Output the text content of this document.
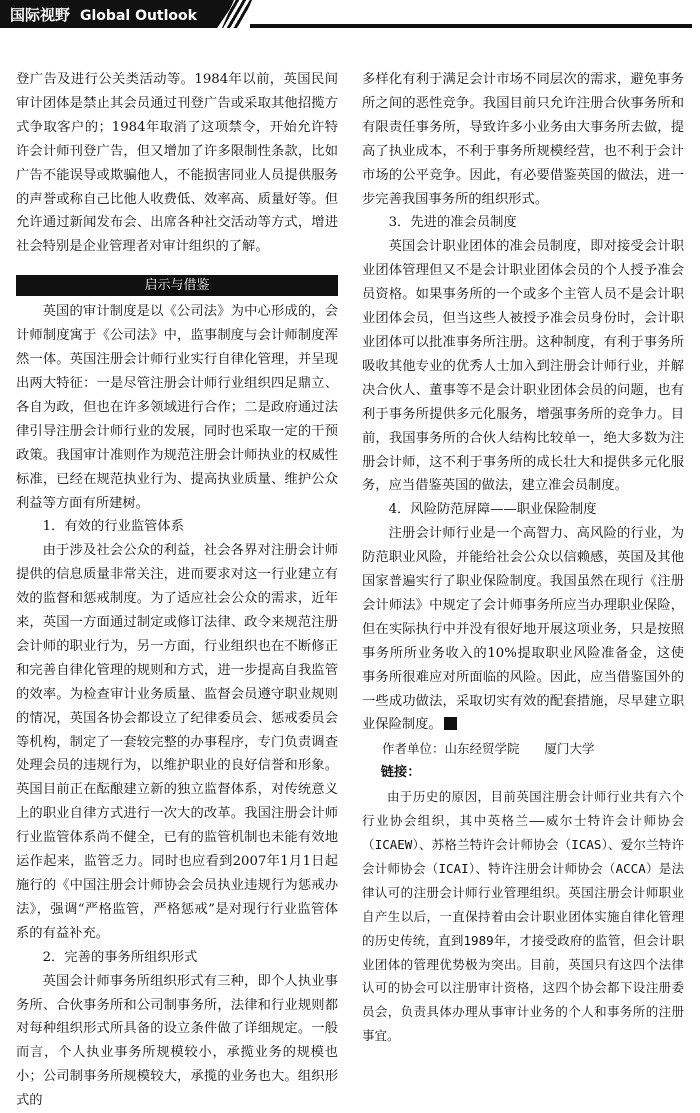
国际视野 Global Outlook

登广告及进行公关类活动等。1984年以前，英国民间审计团体是禁止其会员通过刊登广告或采取其他招揽方式争取客户的；1984年取消了这项禁令，开始允许特许会计师刊登广告，但又增加了许多限制性条款，比如广告不能误导或欺骗他人，不能损害同业人员提供服务的声誉或称自己比他人收费低、效率高、质量好等。但允许通过新闻发布会、出席各种社交活动等方式，增进社会特别是企业管理者对审计组织的了解。

启示与借鉴

英国的审计制度是以《公司法》为中心形成的，会计师制度寓于《公司法》中，监事制度与会计师制度浑然一体。英国注册会计师行业实行自律化管理，并呈现出两大特征：一是尽管注册会计师行业组织四足鼎立、各自为政，但也在许多领域进行合作；二是政府通过法律引导注册会计师行业的发展，同时也采取一定的干预政策。我国审计准则作为规范注册会计师执业的权威性标准，已经在规范执业行为、提高执业质量、维护公众利益等方面有所建树。

1．有效的行业监管体系

由于涉及社会公众的利益，社会各界对注册会计师提供的信息质量非常关注，进而要求对这一行业建立有效的监督和惩戒制度。为了适应社会公众的需求，近年来，英国一方面通过制定或修订法律、政令来规范注册会计师的职业行为，另一方面，行业组织也在不断修正和完善自律化管理的规则和方式，进一步提高自我监管的效率。为检查审计业务质量、监督会员遵守职业规则的情况，英国各协会都设立了纪律委员会、惩戒委员会等机构，制定了一套较完整的办事程序，专门负责调查处理会员的违规行为，以维护职业的良好信誉和形象。英国目前正在酝酿建立新的独立监督体系，对传统意义上的职业自律方式进行一次大的改革。我国注册会计师行业监管体系尚不健全，已有的监管机制也未能有效地运作起来，监管乏力。同时也应看到2007年1月1日起施行的《中国注册会计师协会会员执业违规行为惩戒办法》，强调“严格监管，严格惩戒”是对现行行业监管体系的有益补充。

2．完善的事务所组织形式

英国会计师事务所组织形式有三种，即个人执业事务所、合伙事务所和公司制事务所，法律和行业规则都对每种组织形式所具备的设立条件做了详细规定。一般而言，个人执业事务所规模较小，承揽业务的规模也小；公司制事务所规模较大，承揽的业务也大。组织形式的

多样化有利于满足会计市场不同层次的需求，避免事务所之间的恶性竞争。我国目前只允许注册合伙事务所和有限责任事务所，导致许多小业务由大事务所去做，提高了执业成本，不利于事务所规模经营，也不利于会计市场的公平竞争。因此，有必要借鉴英国的做法，进一步完善我国事务所的组织形式。

3．先进的准会员制度

英国会计职业团体的准会员制度，即对接受会计职业团体管理但又不是会计职业团体会员的个人授予准会员资格。如果事务所的一个或多个主管人员不是会计职业团体会员，但当这些人被授予准会员身份时，会计职业团体可以批准事务所注册。这种制度，有利于事务所吸收其他专业的优秀人士加入到注册会计师行业，并解决合伙人、董事等不是会计职业团体会员的问题，也有利于事务所提供多元化服务，增强事务所的竞争力。目前，我国事务所的合伙人结构比较单一，绝大多数为注册会计师，这不利于事务所的成长壮大和提供多元化服务，应当借鉴英国的做法，建立准会员制度。

4．风险防范屏障——职业保险制度

注册会计师行业是一个高智力、高风险的行业，为防范职业风险，并能给社会公众以信赖感，英国及其他国家普遍实行了职业保险制度。我国虽然在现行《注册会计师法》中规定了会计师事务所应当办理职业保险，但在实际执行中并没有很好地开展这项业务，只是按照事务所所业务收入的10%提取职业风险准备金，这使事务所很难应对所面临的风险。因此，应当借鉴国外的一些成功做法，采取切实有效的配套措施，尽早建立职业保险制度。

作者单位：山东经贸学院　　厦门大学

链接：

由于历史的原因，目前英国注册会计师行业共有六个行业协会组织，其中英格兰——威尔士特许会计师协会（ICAEW）、苏格兰特许会计师协会（ICAS）、爱尔兰特许会计师协会（ICAI）、特许注册会计师协会（ACCA）是法律认可的注册会计师行业管理组织。英国注册会计师职业自产生以后，一直保持着由会计职业团体实施自律化管理的历史传统，直到1989年，才接受政府的监管，但会计职业团体的管理优势极为突出。目前，英国只有这四个法律认可的协会可以注册审计资格，这四个协会都下设注册委员会，负责具体办理从事审计业务的个人和事务所的注册事宜。
